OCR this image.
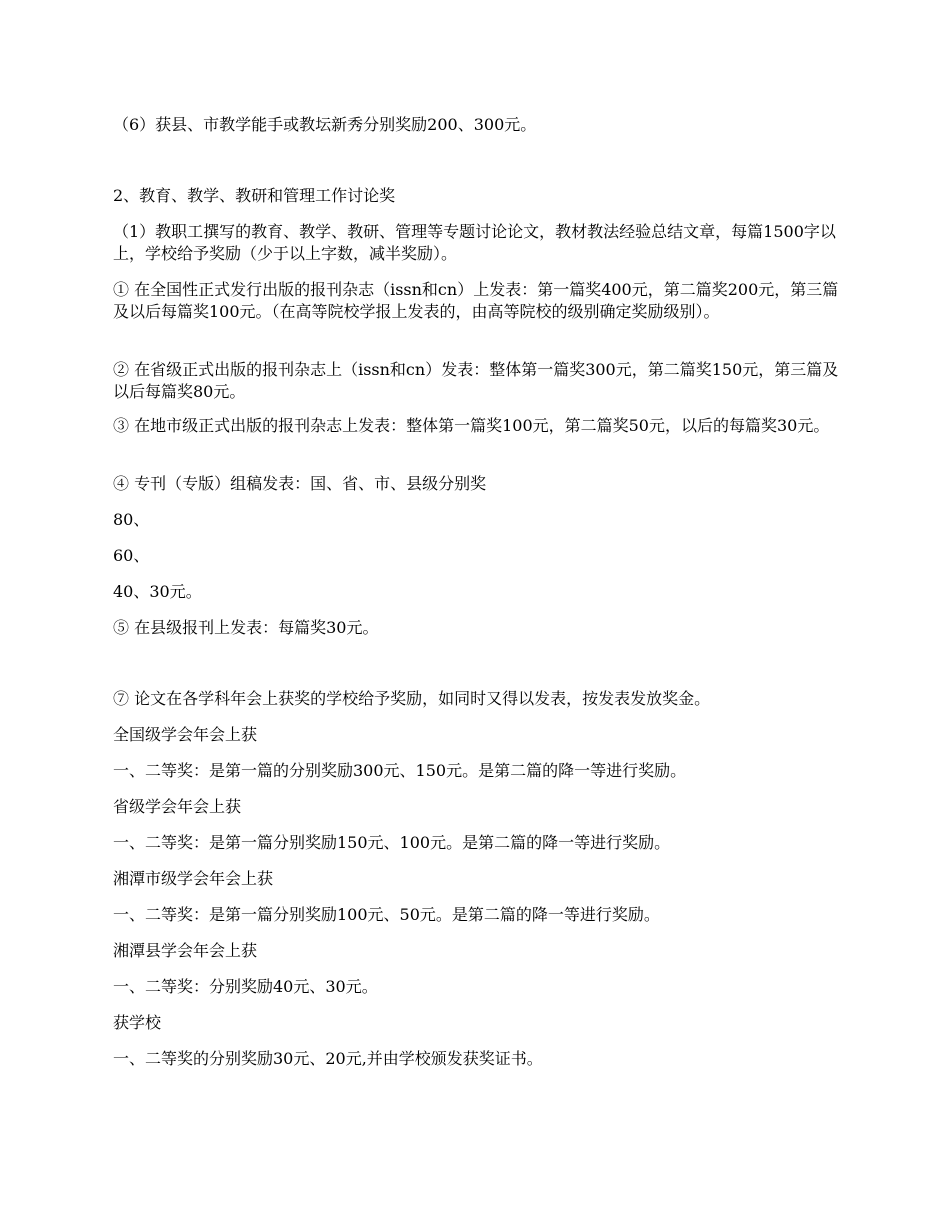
（6）获县、市教学能手或教坛新秀分别奖励200、300元。

2、教育、教学、教研和管理工作讨论奖

（1）教职工撰写的教育、教学、教研、管理等专题讨论论文，教材教法经验总结文章，每篇1500字以上，学校给予奖励（少于以上字数，减半奖励）。

① 在全国性正式发行出版的报刊杂志（issn和cn）上发表：第一篇奖400元，第二篇奖200元，第三篇及以后每篇奖100元。（在高等院校学报上发表的，由高等院校的级别确定奖励级别）。

② 在省级正式出版的报刊杂志上（issn和cn）发表：整体第一篇奖300元，第二篇奖150元，第三篇及以后每篇奖80元。

③ 在地市级正式出版的报刊杂志上发表：整体第一篇奖100元，第二篇奖50元，以后的每篇奖30元。

④ 专刊（专版）组稿发表：国、省、市、县级分别奖

80、

60、

40、30元。

⑤ 在县级报刊上发表：每篇奖30元。

⑦ 论文在各学科年会上获奖的学校给予奖励，如同时又得以发表，按发表发放奖金。

全国级学会年会上获

一、二等奖：是第一篇的分别奖励300元、150元。是第二篇的降一等进行奖励。

省级学会年会上获

一、二等奖：是第一篇分别奖励150元、100元。是第二篇的降一等进行奖励。

湘潭市级学会年会上获

一、二等奖：是第一篇分别奖励100元、50元。是第二篇的降一等进行奖励。

湘潭县学会年会上获

一、二等奖：分别奖励40元、30元。

获学校

一、二等奖的分别奖励30元、20元,并由学校颁发获奖证书。
